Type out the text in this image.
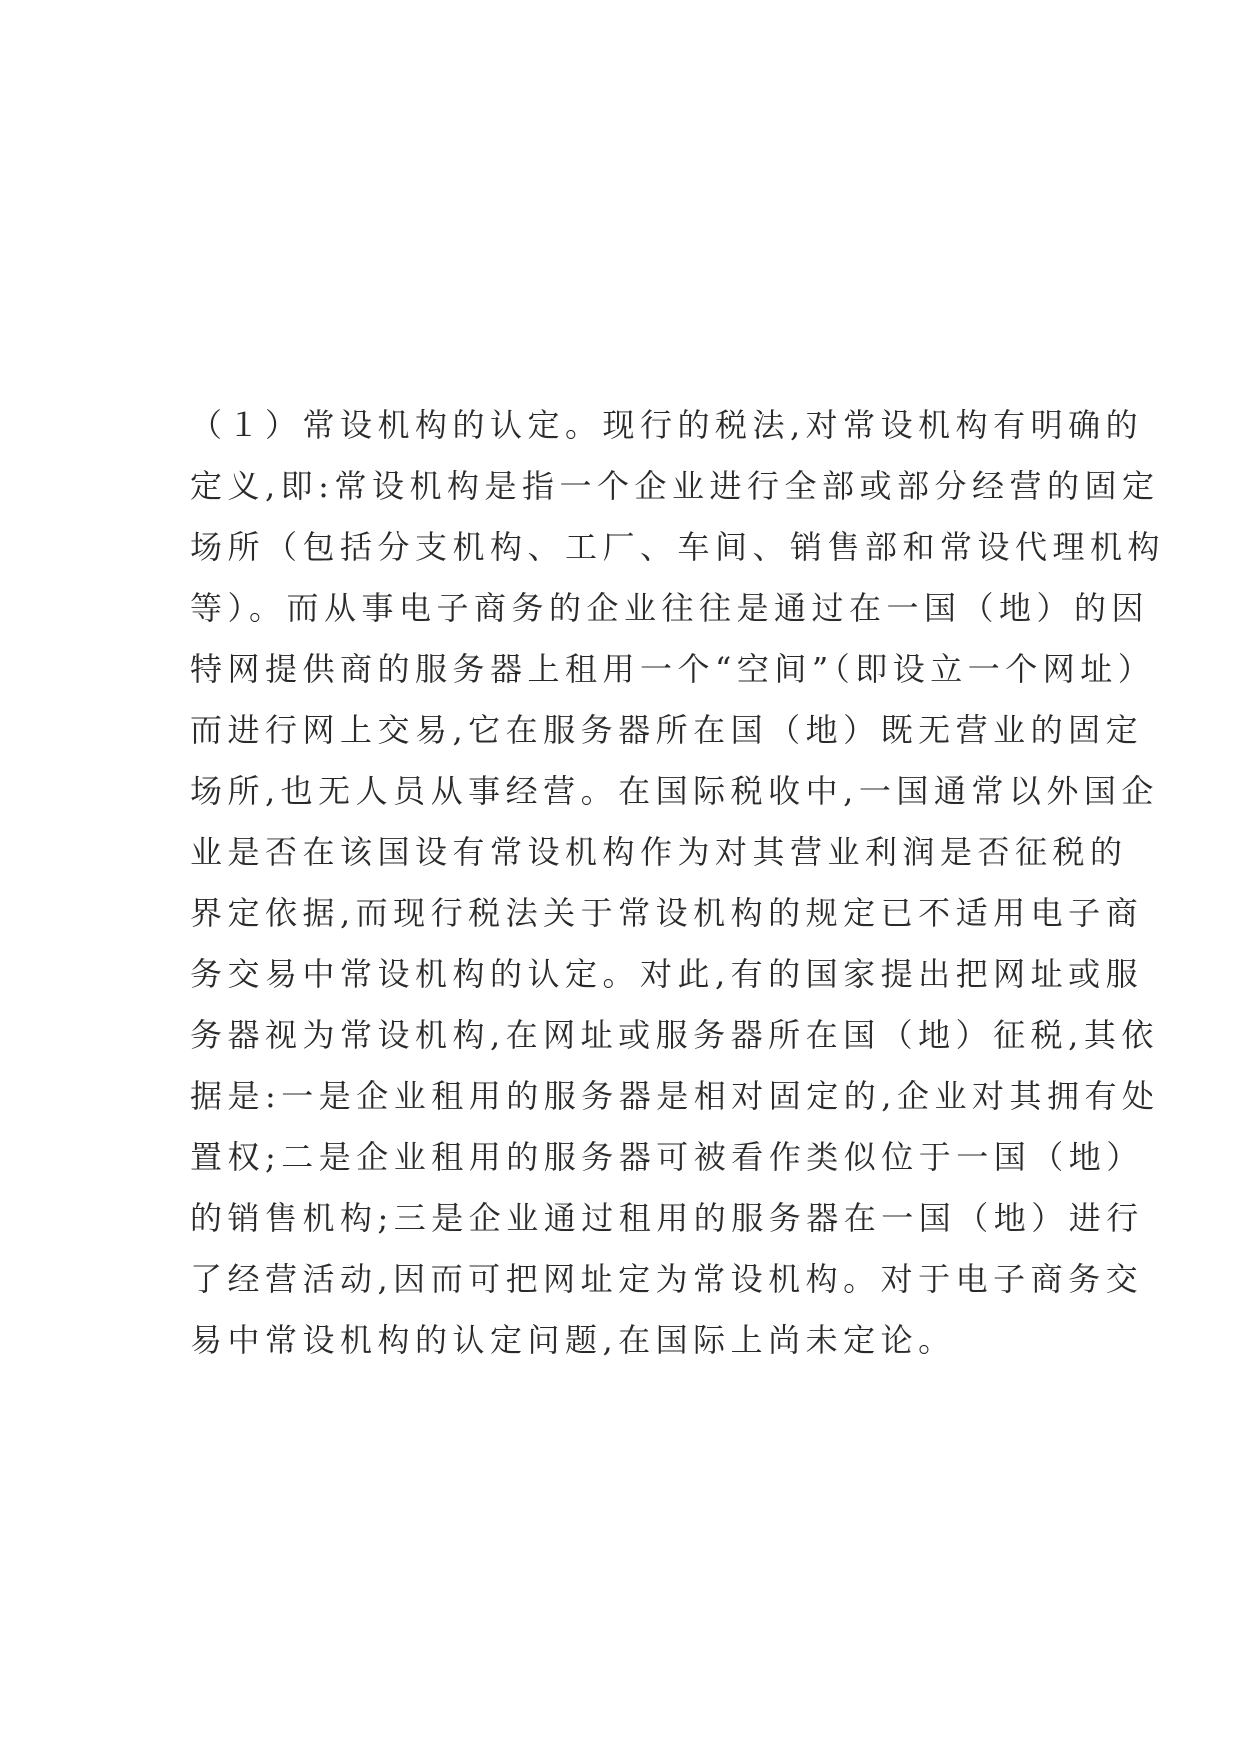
（１）常设机构的认定。现行的税法,对常设机构有明确的
定义,即:常设机构是指一个企业进行全部或部分经营的固定
场所（包括分支机构、工厂、车间、销售部和常设代理机构
等）。而从事电子商务的企业往往是通过在一国（地）的因
特网提供商的服务器上租用一个“空间”（即设立一个网址）
而进行网上交易,它在服务器所在国（地）既无营业的固定
场所,也无人员从事经营。在国际税收中,一国通常以外国企
业是否在该国设有常设机构作为对其营业利润是否征税的
界定依据,而现行税法关于常设机构的规定已不适用电子商
务交易中常设机构的认定。对此,有的国家提出把网址或服
务器视为常设机构,在网址或服务器所在国（地）征税,其依
据是:一是企业租用的服务器是相对固定的,企业对其拥有处
置权;二是企业租用的服务器可被看作类似位于一国（地）
的销售机构;三是企业通过租用的服务器在一国（地）进行
了经营活动,因而可把网址定为常设机构。对于电子商务交
易中常设机构的认定问题,在国际上尚未定论。
